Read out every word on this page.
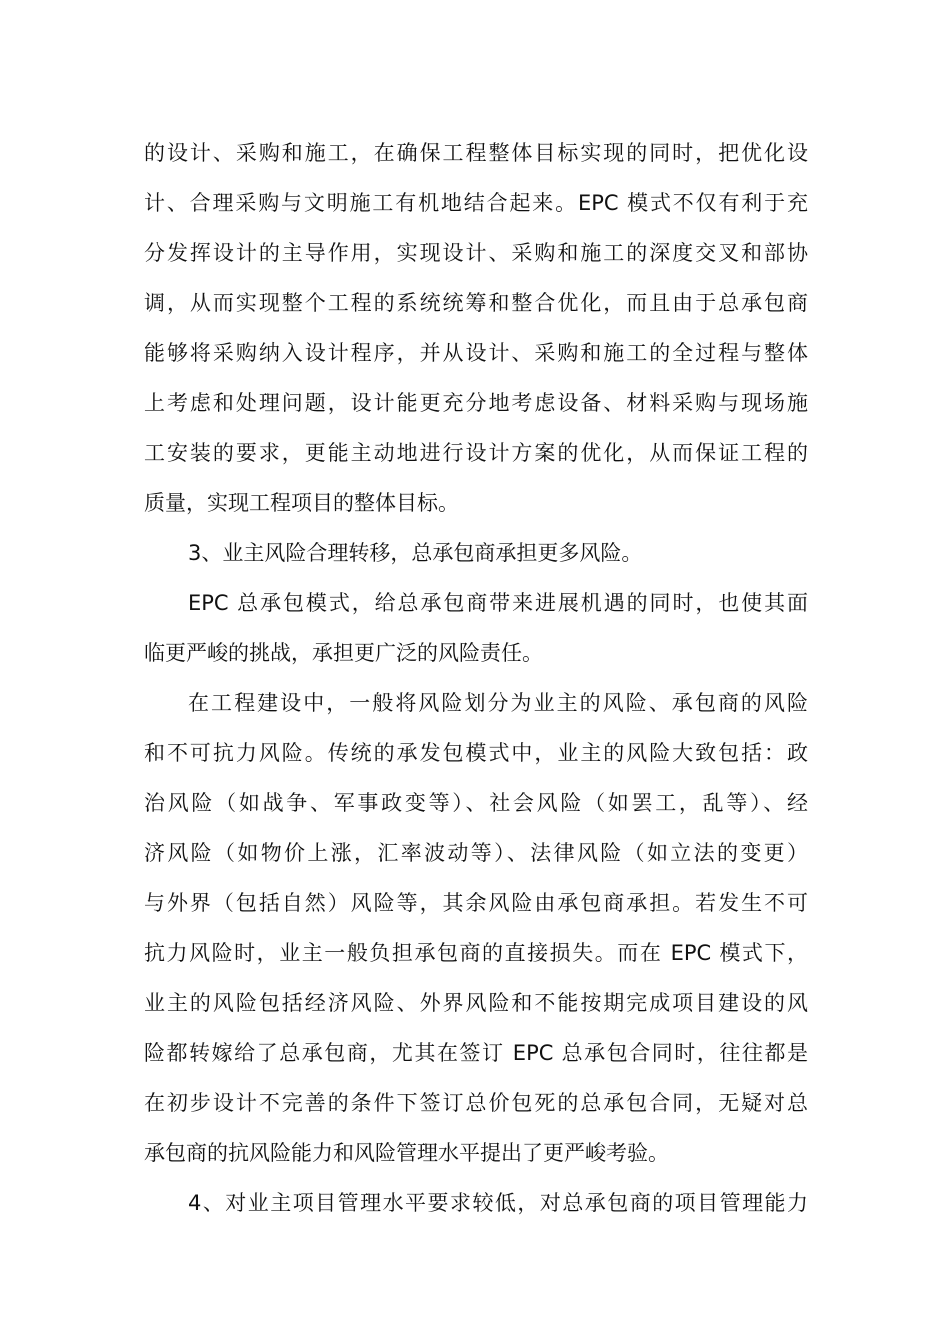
的设计、采购和施工，在确保工程整体目标实现的同时，把优化设
计、合理采购与文明施工有机地结合起来。EPC 模式不仅有利于充
分发挥设计的主导作用，实现设计、采购和施工的深度交叉和部协
调，从而实现整个工程的系统统筹和整合优化，而且由于总承包商
能够将采购纳入设计程序，并从设计、采购和施工的全过程与整体
上考虑和处理问题，设计能更充分地考虑设备、材料采购与现场施
工安装的要求，更能主动地进行设计方案的优化，从而保证工程的
质量，实现工程项目的整体目标。
3、业主风险合理转移，总承包商承担更多风险。
EPC 总承包模式，给总承包商带来进展机遇的同时，也使其面
临更严峻的挑战，承担更广泛的风险责任。
在工程建设中，一般将风险划分为业主的风险、承包商的风险
和不可抗力风险。传统的承发包模式中，业主的风险大致包括：政
治风险（如战争、军事政变等）、社会风险（如罢工，乱等）、经
济风险（如物价上涨，汇率波动等）、法律风险（如立法的变更）
与外界（包括自然）风险等，其余风险由承包商承担。若发生不可
抗力风险时，业主一般负担承包商的直接损失。而在 EPC 模式下，
业主的风险包括经济风险、外界风险和不能按期完成项目建设的风
险都转嫁给了总承包商，尤其在签订 EPC 总承包合同时，往往都是
在初步设计不完善的条件下签订总价包死的总承包合同，无疑对总
承包商的抗风险能力和风险管理水平提出了更严峻考验。
4、对业主项目管理水平要求较低，对总承包商的项目管理能力
